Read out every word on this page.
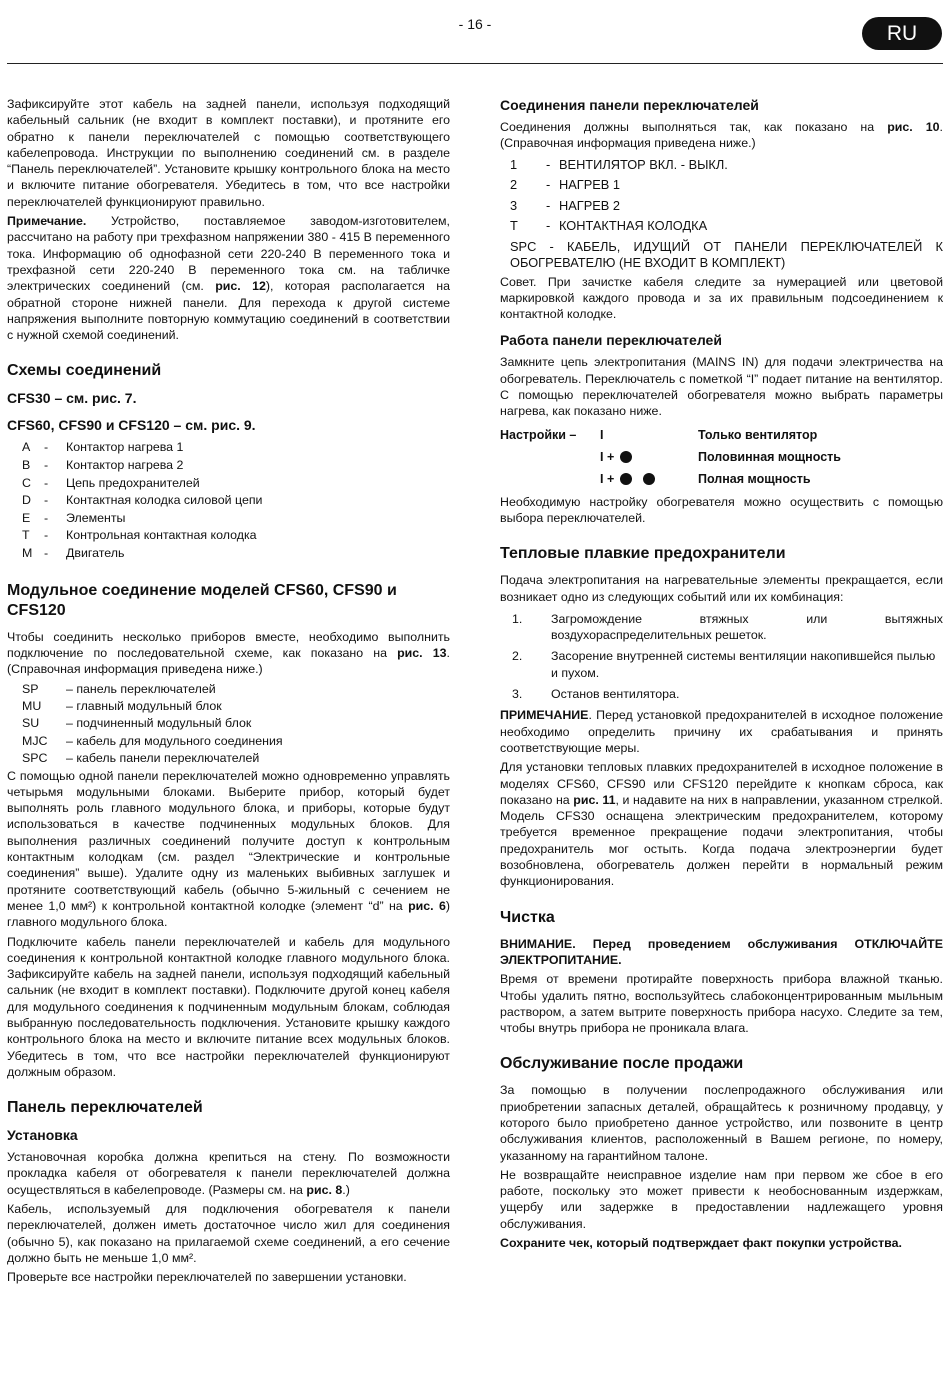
- 16 -	RU

Зафиксируйте этот кабель на задней панели, используя подходящий кабельный сальник (не входит в комплект поставки), и протяните его обратно к панели переключателей с помощью соответствующего кабелепровода. Инструкции по выполнению соединений см. в разделе “Панель переключателей”. Установите крышку контрольного блока на место и включите питание обогревателя. Убедитесь в том, что все настройки переключателей функционируют правильно.

Примечание. Устройство, поставляемое заводом-изготовителем, рассчитано на работу при трехфазном напряжении 380 - 415 В переменного тока. Информацию об однофазной сети 220-240 В переменного тока и трехфазной сети 220-240 В переменного тока см. на табличке электрических соединений (см. рис. 12), которая располагается на обратной стороне нижней панели. Для перехода к другой системе напряжения выполните повторную коммутацию соединений в соответствии с нужной схемой соединений.

Схемы соединений
CFS30 – см. рис. 7.
CFS60, CFS90 и CFS120 – см. рис. 9.
A	-	Контактор нагрева 1
B	-	Контактор нагрева 2
C	-	Цепь предохранителей
D	-	Контактная колодка силовой цепи
E	-	Элементы
T	-	Контрольная контактная колодка
M -	Двигатель
Модульное соединение моделей CFS60, CFS90 и CFS120

Чтобы соединить несколько приборов вместе, необходимо выполнить подключение по последовательной схеме, как показано на рис. 13. (Справочная информация приведена ниже.)

SP	– панель переключателей
MU	– главный модульный блок
SU	– подчиненный модульный блок
MJC	– кабель для модульного соединения
SPC	– кабель панели переключателей

С помощью одной панели переключателей можно одновременно управлять четырьмя модульными блоками. Выберите прибор, который будет выполнять роль главного модульного блока, и приборы, которые будут использоваться в качестве подчиненных модульных блоков. Для выполнения различных соединений получите доступ к контрольным контактным колодкам (см. раздел “Электрические и контрольные соединения” выше). Удалите одну из маленьких выбивных заглушек и протяните соответствующий кабель (обычно 5-жильный с сечением не менее 1,0 мм²) к контрольной контактной колодке (элемент “d” на рис. 6) главного модульного блока.

Подключите кабель панели переключателей и кабель для модульного соединения к контрольной контактной колодке главного модульного блока. Зафиксируйте кабель на задней панели, используя подходящий кабельный сальник (не входит в комплект поставки). Подключите другой конец кабеля для модульного соединения к подчиненным модульным блокам, соблюдая выбранную последовательность подключения. Установите крышку каждого контрольного блока на место и включите питание всех модульных блоков. Убедитесь в том, что все настройки переключателей функционируют должным образом.

Панель переключателей
Установка

Установочная коробка должна крепиться на стену. По возможности прокладка кабеля от обогревателя к панели переключателей должна осуществляться в кабелепроводе. (Размеры см. на рис. 8.)

Кабель, используемый для подключения обогревателя к панели переключателей, должен иметь достаточное число жил для соединения (обычно 5), как показано на прилагаемой схеме соединений, а его сечение должно быть не меньше 1,0 мм².

Проверьте все настройки переключателей по завершении установки.

Соединения панели переключателей

Соединения должны выполняться так, как показано на рис. 10. (Справочная информация приведена ниже.)

1	- ВЕНТИЛЯТОР ВКЛ. - ВЫКЛ.
2	- НАГРЕВ 1
3	- НАГРЕВ 2
T	- КОНТАКТНАЯ КОЛОДКА
SPC - КАБЕЛЬ, ИДУЩИЙ ОТ ПАНЕЛИ ПЕРЕКЛЮЧАТЕЛЕЙ К ОБОГРЕВАТЕЛЮ (НЕ ВХОДИТ В КОМПЛЕКТ)

Совет. При зачистке кабеля следите за нумерацией или цветовой маркировкой каждого провода и за их правильным подсоединением к контактной колодке.

Работа панели переключателей

Замкните цепь электропитания (MAINS IN) для подачи электричества на обогреватель. Переключатель с пометкой “I” подает питание на вентилятор. С помощью переключателей обогревателя можно выбрать параметры нагрева, как показано ниже.

Настройки –	I	Только вентилятор
I +	Половинная мощность
I +	Полная мощность

Необходимую настройку обогревателя можно осуществить с помощью выбора переключателей.

Тепловые плавкие предохранители

Подача электропитания на нагревательные элементы прекращается, если возникает одно из следующих событий или их комбинация:

1.	Загромождение втяжных или вытяжных воздухораспределительных решеток.
2.	Засорение внутренней системы вентиляции накопившейся пылью и пухом.
3.	Останов вентилятора.

ПРИМЕЧАНИЕ. Перед установкой предохранителей в исходное положение необходимо определить причину их срабатывания и принять соответствующие меры.

Для установки тепловых плавких предохранителей в исходное положение в моделях CFS60, CFS90 или CFS120 перейдите к кнопкам сброса, как показано на рис. 11, и надавите на них в направлении, указанном стрелкой. Модель CFS30 оснащена электрическим предохранителем, которому требуется временное прекращение подачи электропитания, чтобы предохранитель мог остыть. Когда подача электроэнергии будет возобновлена, обогреватель должен перейти в нормальный режим функционирования.

Чистка

ВНИМАНИЕ. Перед проведением обслуживания ОТКЛЮЧАЙТЕ ЭЛЕКТРОПИТАНИЕ.

Время от времени протирайте поверхность прибора влажной тканью. Чтобы удалить пятно, воспользуйтесь слабоконцентрированным мыльным раствором, а затем вытрите поверхность прибора насухо. Следите за тем, чтобы внутрь прибора не проникала влага.

Обслуживание после продажи

За помощью в получении послепродажного обслуживания или приобретении запасных деталей, обращайтесь к розничному продавцу, у которого было приобретено данное устройство, или позвоните в центр обслуживания клиентов, расположенный в Вашем регионе, по номеру, указанному на гарантийном талоне.

Не возвращайте неисправное изделие нам при первом же сбое в его работе, поскольку это может привести к необоснованным издержкам, ущербу или задержке в предоставлении надлежащего уровня обслуживания.

Сохраните чек, который подтверждает факт покупки устройства.
